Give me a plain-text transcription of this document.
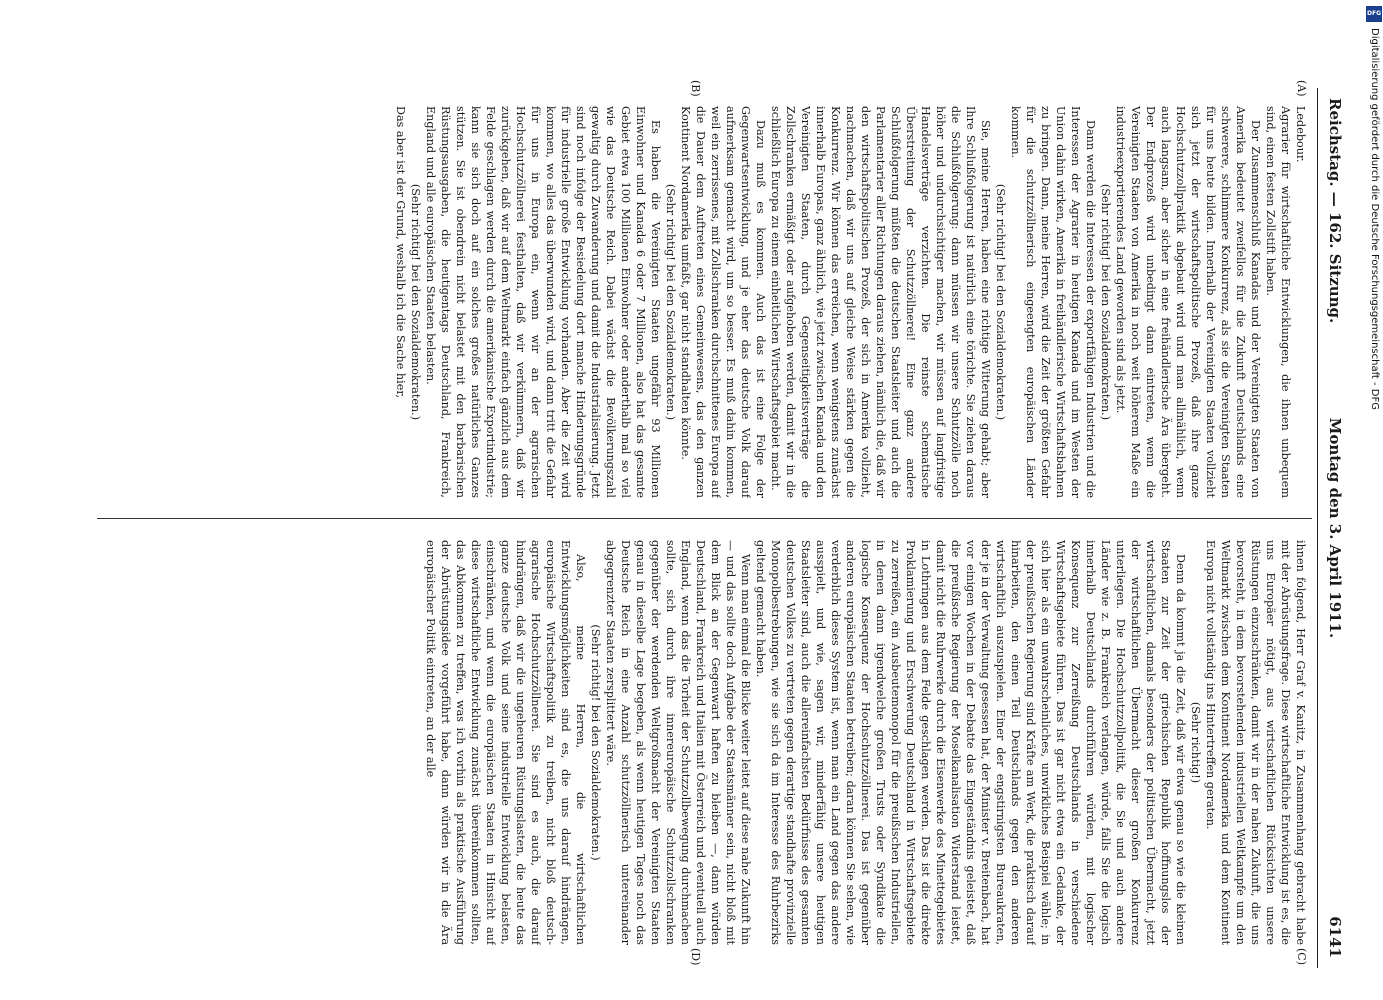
Reichstag. — 162. Sitzung.
Montag den 3. April 1911.
6141
(A)
(B)
(C)
(D)

Ledebour.

Agrarier für wirtschaftliche Entwicklungen, die ihnen unbequem sind, einen festen Zollstift haben.

Der Zusammenschluß Kanadas und der Vereinigten Staaten von Amerika bedeutet zweifellos für die Zukunft Deutschlands eine schwerere, schlimmere Konkurrenz, als sie die Vereinigten Staaten für uns heute bilden. Innerhalb der Vereinigten Staaten vollzieht sich jetzt der wirtschaftspolitische Prozeß, daß ihre ganze Hochschutzzollpraktik abgebaut wird und man allmählich, wenn auch langsam, aber sicher in eine freihändlerische Ära übergeht. Der Endprozeß wird unbedingt dann eintreten, wenn die Vereinigten Staaten von Amerika in noch weit höherem Maße ein industrieexportierendes Land geworden sind als jetzt.

(Sehr richtig! bei den Sozialdemokraten.)

Dann werden die Interessen der exportfähigen Industrien und die Interessen der Agrarier in heutigen Kanada und im Westen der Union dahin wirken, Amerika in freihändlerische Wirtschaftsbahnen zu bringen. Dann, meine Herren, wird die Zeit der größten Gefahr für die schutzzöllnerisch eingeengten europäischen Länder kommen.

(Sehr richtig! bei den Sozialdemokraten.)

Sie, meine Herren, haben eine richtige Witterung gehabt; aber Ihre Schlußfolgerung ist natürlich eine törichte. Sie ziehen daraus die Schlußfolgerung: dann müssen wir unsere Schutzzölle noch höher und undurchsichtiger machen, wir müssen auf langfristige Handelsverträge verzichten. Die reinste schematische Überstreitung der Schutzzöllnerei! Eine ganz andere Schlußfolgerung müßten die deutschen Staatsleiter und auch die Parlamentarier aller Richtungen daraus ziehen, nämlich die, daß wir den wirtschaftspolitischen Prozeß, der sich in Amerika vollzieht, nachmachen, daß wir uns auf gleiche Weise stärken gegen die Konkurrenz. Wir können das erreichen, wenn wenigstens zunächst innerhalb Europas, ganz ähnlich, wie jetzt zwischen Kanada und den Vereinigten Staaten, durch Gegenseitigkeitsverträge die Zollschranken ermäßigt oder aufgehoben werden, damit wir in die schließlich Europa zu einem einheitlichen Wirtschaftsgebiet macht.

Dazu muß es kommen. Auch das ist eine Folge der Gegenwartsentwicklung, und je eher das deutsche Volk darauf aufmerksam gemacht wird, um so besser. Es muß dahin kommen, weil ein zerrissenes, mit Zollschranken durchschnittenes Europa auf die Dauer dem Auftreten eines Gemeinwesens, das den ganzen Kontinent Nordamerika umfaßt, gar nicht standhalten könnte.

(Sehr richtig! bei den Sozialdemokraten.)

Es haben die Vereinigten Staaten ungefähr 93 Millionen Einwohner und Kanada 6 oder 7 Millionen, also hat das gesamte Gebiet etwa 100 Millionen Einwohner oder anderthalb mal so viel wie das Deutsche Reich. Dabei wächst die Bevölkerungszahl gewaltig durch Zuwanderung und damit die Industrialisierung. Jetzt sind noch infolge der Besiedelung dort manche Hinderungsgründe für industrielle große Entwicklung vorhanden. Aber die Zeit wird kommen, wo alles das überwunden wird, und dann tritt die Gefahr für uns in Europa ein, wenn wir an der agrarischen Hochschutzzöllnerei festhalten, daß wir verkümmern, daß wir zurückgehen, daß wir auf dem Weltmarkt einfach gänzlich aus dem Felde geschlagen werden durch die amerikanische Exportindustrie; kann sie sich doch auf ein solches großes natürliches Ganzes stützen. Sie ist obendrein nicht belastet mit den barbarischen Rüstungsausgaben, die heutigentags Deutschland, Frankreich, England und alle europäischen Staaten belasten.

(Sehr richtig! bei den Sozialdemokraten.)

Das aber ist der Grund, weshalb ich die Sache hier,

ihnen folgend, Herr Graf v. Kanitz, in Zusammenhang gebracht habe mit der Abrüstungsfrage. Diese wirtschaftliche Entwicklung ist es, die uns Europäer nötigt, aus wirtschaftlichen Rücksichten unsere Rüstungen einzuschränken, damit wir in der nahen Zukunft, die uns bevorsteht, in dem bevorstehenden industriellen Weltkampfe um den Weltmarkt zwischen dem Kontinent Nordamerika und dem Kontinent Europa nicht vollständig ins Hintertreffen geraten.

(Sehr richtig!)

Denn da kommt ja die Zeit, daß wir etwa genau so wie die kleinen Staaten zur Zeit der griechischen Republik hoffnungslos der wirtschaftlichen, damals besonders der politischen Übermacht, jetzt der wirtschaftlichen Übermacht dieser großen Konkurrenz unterliegen. Die Hochschutzzollpolitik, die Sie und auch andere Länder wie z. B. Frankreich verlangen, würde, falls Sie die logisch innerhalb Deutschlands durchführen würden, mit logischer Konsequenz zur Zerreißung Deutschlands in verschiedene Wirtschaftsgebiete führen. Das ist gar nicht etwa ein Gedanke, der sich hier als ein unwahrscheinliches, unwirkliches Beispiel wähle; in der preußischen Regierung sind Kräfte am Werk, die praktisch darauf hinarbeiten, den einen Teil Deutschlands gegen den anderen wirtschaftlich auszuspielen. Einer der engstirnigsten Bureaukraten, der je in der Verwaltung gesessen hat, der Minister v. Breitenbach, hat vor einigen Wochen in der Debatte das Eingeständnis geleistet, daß die preußische Regierung der Moselkanalisation Widerstand leistet, damit nicht die Ruhrwerke durch die Eisenwerke des Minettegebietes in Lothringen aus dem Felde geschlagen werden. Das ist die direkte Proklamierung und Erschwerung Deutschland in Wirtschaftsgebiete zu zerreißen, ein Ausbeutemonopol für die preußischen Industriellen, in denen dann irgendwelche großen Trusts oder Syndikate die logische Konsequenz der Hochschutzzöllnerei. Das ist gegenüber anderen europäischen Staaten betreiben; daran können Sie sehen, wie verderblich dieses System ist, wenn man ein Land gegen das andere ausspielt, und wie, sagen wir, minderfähig unsere heutigen Staatsleiter sind, auch die allereinfachsten Bedürfnisse des gesamten deutschen Volkes zu vertreten gegen derartige standhafte provinzielle Monopolbestrebungen, wie sie sich da im Interesse des Ruhrbezirks geltend gemacht haben.

Wenn man einmal die Blicke weiter leitet auf diese nahe Zukunft hin — und das sollte doch Aufgabe der Staatsmänner sein, nicht bloß mit dem Blick an der Gegenwart haften zu bleiben —, dann würden Deutschland, Frankreich und Italien mit Österreich und eventuell auch England, wenn das die Torheit der Schutzzollbewegung durchmachen sollte, sich durch ihre innereuropäische Schutzzollschranken gegenüber der werdenden Weltgroßmacht der Vereinigten Staaten genau in dieselbe Lage begeben, als wenn heutigen Tages noch das Deutsche Reich in eine Anzahl schutzzöllnerisch untereinander abgegrenzter Staaten zersplittert wäre.

(Sehr richtig! bei den Sozialdemokraten.)

Also, meine Herren, die wirtschaftlichen Entwicklungsmöglichkeiten sind es, die uns darauf hindrängen, europäische Wirtschaftspolitik zu treiben, nicht bloß deutsch-agrarische Hochschutzzöllnerei. Sie sind es auch, die darauf hindrängen, daß wir die ungeheuren Rüstungslasten, die heute das ganze deutsche Volk und seine industrielle Entwicklung belasten, einschränken, und wenn die europäischen Staaten in Hinsicht auf diese wirtschaftliche Entwicklung zunächst übereinkommen sollten, das Abkommen zu treffen, was ich vorhin als praktische Ausführung der Abrüstungsidee vorgeführt habe, dann würden wir in die Ära europäischer Politik eintreten, an der alle

DFG
Digitalisierung gefördert durch die Deutsche Forschungsgemeinschaft - DFG
